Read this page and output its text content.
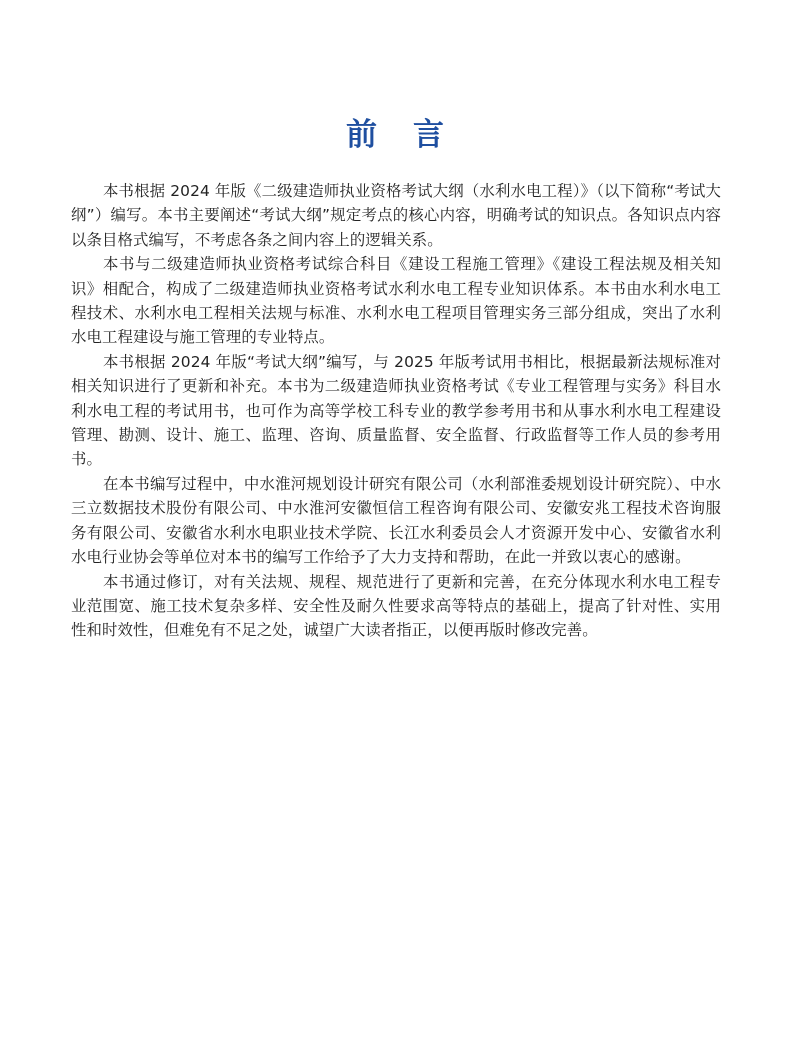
前言

本书根据 2024 年版《二级建造师执业资格考试大纲（水利水电工程）》（以下简称“考试大纲”）编写。本书主要阐述“考试大纲”规定考点的核心内容，明确考试的知识点。各知识点内容以条目格式编写，不考虑各条之间内容上的逻辑关系。

本书与二级建造师执业资格考试综合科目《建设工程施工管理》《建设工程法规及相关知识》相配合，构成了二级建造师执业资格考试水利水电工程专业知识体系。本书由水利水电工程技术、水利水电工程相关法规与标准、水利水电工程项目管理实务三部分组成，突出了水利水电工程建设与施工管理的专业特点。

本书根据 2024 年版“考试大纲”编写，与 2025 年版考试用书相比，根据最新法规标准对相关知识进行了更新和补充。本书为二级建造师执业资格考试《专业工程管理与实务》科目水利水电工程的考试用书，也可作为高等学校工科专业的教学参考用书和从事水利水电工程建设管理、勘测、设计、施工、监理、咨询、质量监督、安全监督、行政监督等工作人员的参考用书。

在本书编写过程中，中水淮河规划设计研究有限公司（水利部淮委规划设计研究院）、中水三立数据技术股份有限公司、中水淮河安徽恒信工程咨询有限公司、安徽安兆工程技术咨询服务有限公司、安徽省水利水电职业技术学院、长江水利委员会人才资源开发中心、安徽省水利水电行业协会等单位对本书的编写工作给予了大力支持和帮助，在此一并致以衷心的感谢。

本书通过修订，对有关法规、规程、规范进行了更新和完善，在充分体现水利水电工程专业范围宽、施工技术复杂多样、安全性及耐久性要求高等特点的基础上，提高了针对性、实用性和时效性，但难免有不足之处，诚望广大读者指正，以便再版时修改完善。
